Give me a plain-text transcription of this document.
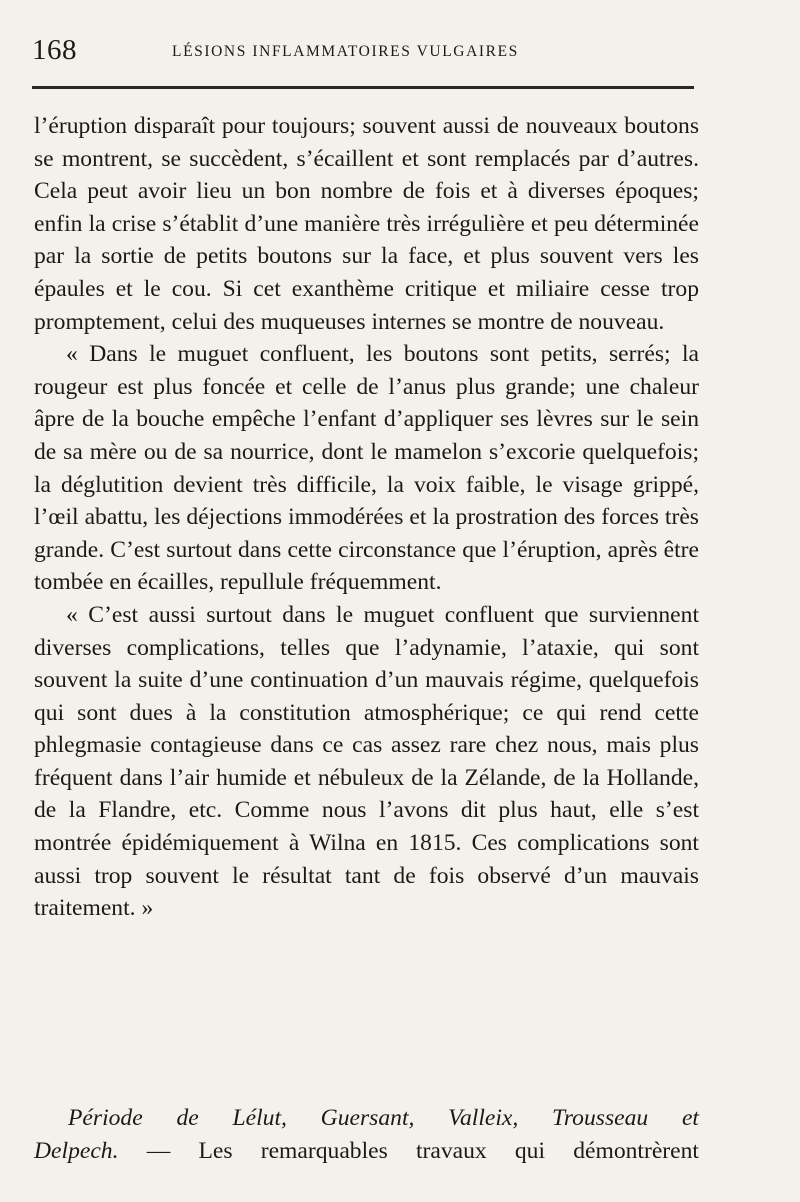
168	LÉSIONS INFLAMMATOIRES VULGAIRES

l’éruption disparaît pour toujours; souvent aussi de nouveaux boutons se montrent, se succèdent, s’écaillent et sont remplacés par d’autres. Cela peut avoir lieu un bon nombre de fois et à diverses époques; enfin la crise s’établit d’une manière très irrégulière et peu déterminée par la sortie de petits boutons sur la face, et plus souvent vers les épaules et le cou. Si cet exanthème critique et miliaire cesse trop promptement, celui des muqueuses internes se montre de nouveau.

« Dans le muguet confluent, les boutons sont petits, serrés; la rougeur est plus foncée et celle de l’anus plus grande; une chaleur âpre de la bouche empêche l’enfant d’appliquer ses lèvres sur le sein de sa mère ou de sa nourrice, dont le mamelon s’excorie quelquefois; la déglutition devient très difficile, la voix faible, le visage grippé, l’œil abattu, les déjections immodérées et la prostration des forces très grande. C’est surtout dans cette circonstance que l’éruption, après être tombée en écailles, repullule fréquemment.

« C’est aussi surtout dans le muguet confluent que surviennent diverses complications, telles que l’adynamie, l’ataxie, qui sont souvent la suite d’une continuation d’un mauvais régime, quelquefois qui sont dues à la constitution atmosphérique; ce qui rend cette phlegmasie contagieuse dans ce cas assez rare chez nous, mais plus fréquent dans l’air humide et nébuleux de la Zélande, de la Hollande, de la Flandre, etc. Comme nous l’avons dit plus haut, elle s’est montrée épidémiquement à Wilna en 1815. Ces complications sont aussi trop souvent le résultat tant de fois observé d’un mauvais traitement. »

Période de Lélut, Guersant, Valleix, Trousseau et
Delpech. — Les remarquables travaux qui démontrèrent
